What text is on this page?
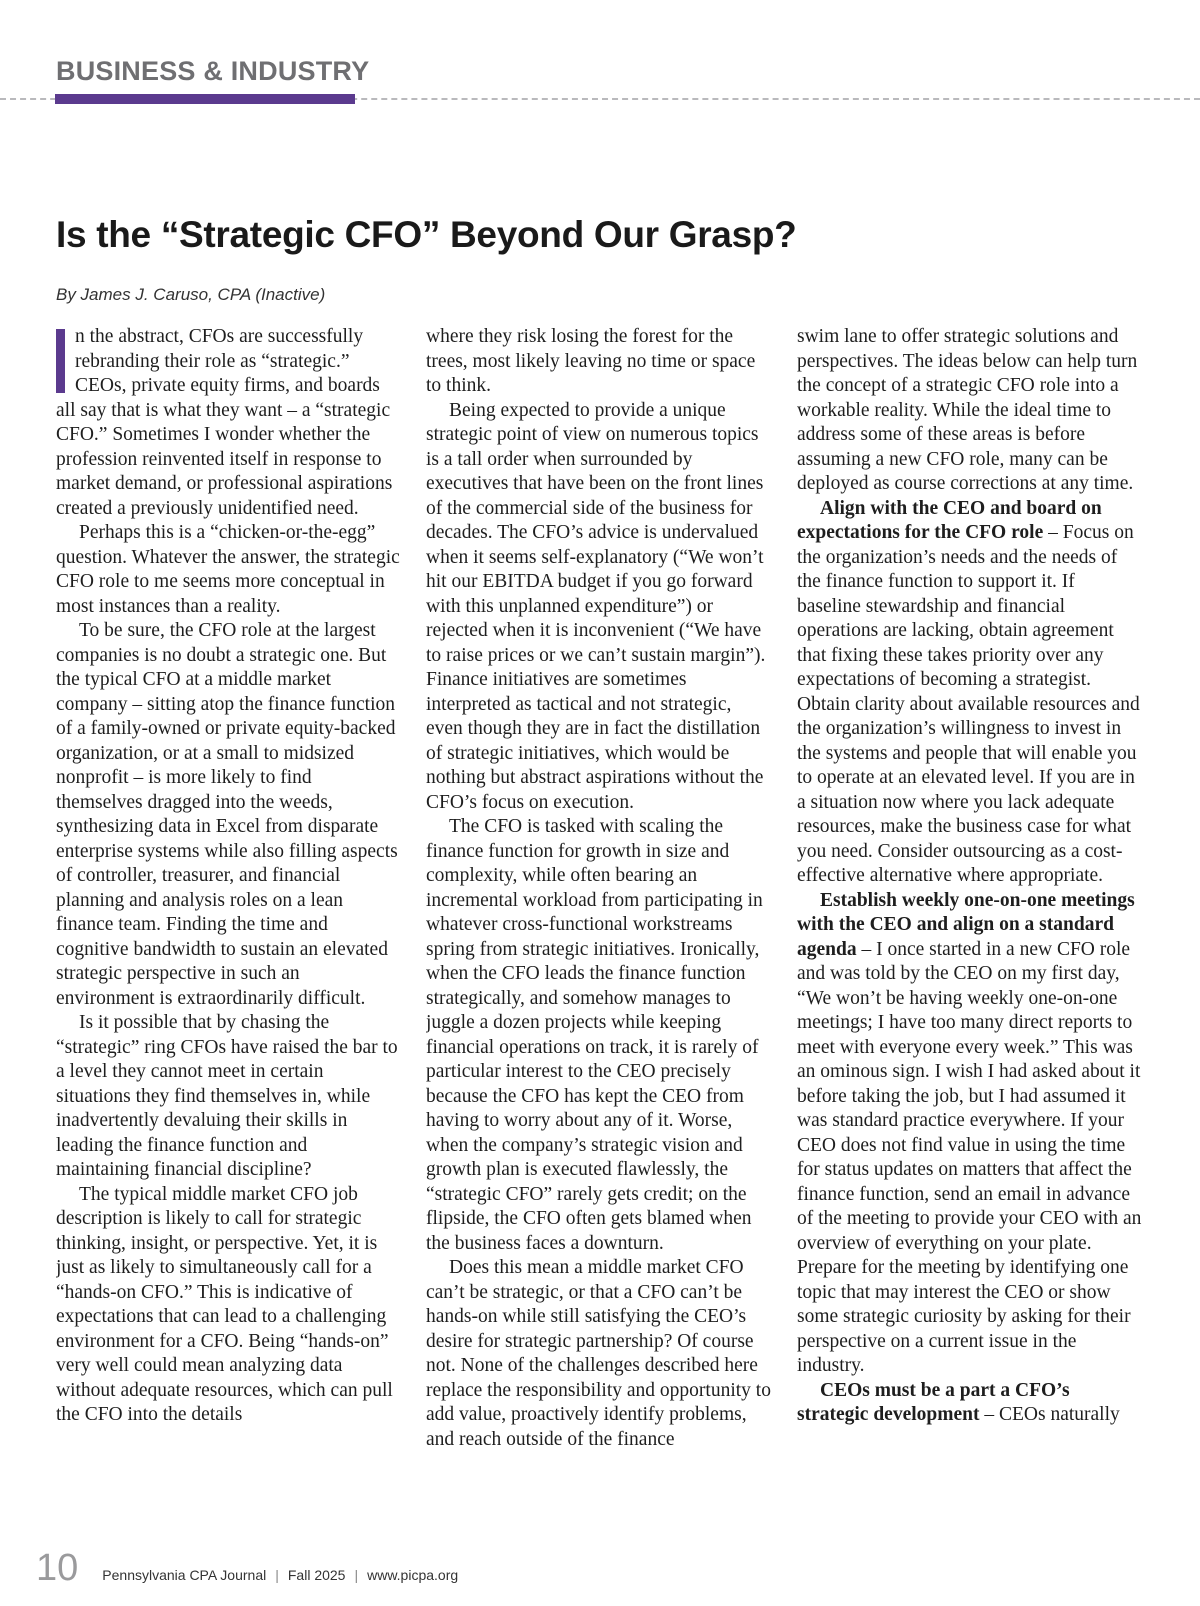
BUSINESS & INDUSTRY
Is the “Strategic CFO” Beyond Our Grasp?

By James J. Caruso, CPA (Inactive)

n the abstract, CFOs are successfully rebranding their role as “strategic.” CEOs, private equity firms, and boards all say that is what they want – a “strategic CFO.” Sometimes I wonder whether the profession reinvented itself in response to market demand, or professional aspirations created a previously unidentified need.

Perhaps this is a “chicken-or-the-egg” question. Whatever the answer, the strategic CFO role to me seems more conceptual in most instances than a reality.

To be sure, the CFO role at the largest companies is no doubt a strategic one. But the typical CFO at a middle market company – sitting atop the finance function of a family-owned or private equity-backed organization, or at a small to midsized nonprofit – is more likely to find themselves dragged into the weeds, synthesizing data in Excel from disparate enterprise systems while also filling aspects of controller, treasurer, and financial planning and analysis roles on a lean finance team. Finding the time and cognitive bandwidth to sustain an elevated strategic perspective in such an environment is extraordinarily difficult.

Is it possible that by chasing the “strategic” ring CFOs have raised the bar to a level they cannot meet in certain situations they find themselves in, while inadvertently devaluing their skills in leading the finance function and maintaining financial discipline?

The typical middle market CFO job description is likely to call for strategic thinking, insight, or perspective. Yet, it is just as likely to simultaneously call for a “hands-on CFO.” This is indicative of expectations that can lead to a challenging environment for a CFO. Being “hands-on” very well could mean analyzing data without adequate resources, which can pull the CFO into the details

where they risk losing the forest for the trees, most likely leaving no time or space to think.

Being expected to provide a unique strategic point of view on numerous topics is a tall order when surrounded by executives that have been on the front lines of the commercial side of the business for decades. The CFO’s advice is undervalued when it seems self-explanatory (“We won’t hit our EBITDA budget if you go forward with this unplanned expenditure”) or rejected when it is inconvenient (“We have to raise prices or we can’t sustain margin”). Finance initiatives are sometimes interpreted as tactical and not strategic, even though they are in fact the distillation of strategic initiatives, which would be nothing but abstract aspirations without the CFO’s focus on execution.

The CFO is tasked with scaling the finance function for growth in size and complexity, while often bearing an incremental workload from participating in whatever cross-functional workstreams spring from strategic initiatives. Ironically, when the CFO leads the finance function strategically, and somehow manages to juggle a dozen projects while keeping financial operations on track, it is rarely of particular interest to the CEO precisely because the CFO has kept the CEO from having to worry about any of it. Worse, when the company’s strategic vision and growth plan is executed flawlessly, the “strategic CFO” rarely gets credit; on the flipside, the CFO often gets blamed when the business faces a downturn.

Does this mean a middle market CFO can’t be strategic, or that a CFO can’t be hands-on while still satisfying the CEO’s desire for strategic partnership? Of course not. None of the challenges described here replace the responsibility and opportunity to add value, proactively identify problems, and reach outside of the finance

swim lane to offer strategic solutions and perspectives. The ideas below can help turn the concept of a strategic CFO role into a workable reality. While the ideal time to address some of these areas is before assuming a new CFO role, many can be deployed as course corrections at any time.

Align with the CEO and board on expectations for the CFO role – Focus on the organization’s needs and the needs of the finance function to support it. If baseline stewardship and financial operations are lacking, obtain agreement that fixing these takes priority over any expectations of becoming a strategist. Obtain clarity about available resources and the organization’s willingness to invest in the systems and people that will enable you to operate at an elevated level. If you are in a situation now where you lack adequate resources, make the business case for what you need. Consider outsourcing as a cost-effective alternative where appropriate.

Establish weekly one-on-one meetings with the CEO and align on a standard agenda – I once started in a new CFO role and was told by the CEO on my first day, “We won’t be having weekly one-on-one meetings; I have too many direct reports to meet with everyone every week.” This was an ominous sign. I wish I had asked about it before taking the job, but I had assumed it was standard practice everywhere. If your CEO does not find value in using the time for status updates on matters that affect the finance function, send an email in advance of the meeting to provide your CEO with an overview of everything on your plate. Prepare for the meeting by identifying one topic that may interest the CEO or show some strategic curiosity by asking for their perspective on a current issue in the industry.

CEOs must be a part a CFO’s strategic development – CEOs naturally

10 Pennsylvania CPA Journal | Fall 2025 | www.picpa.org
